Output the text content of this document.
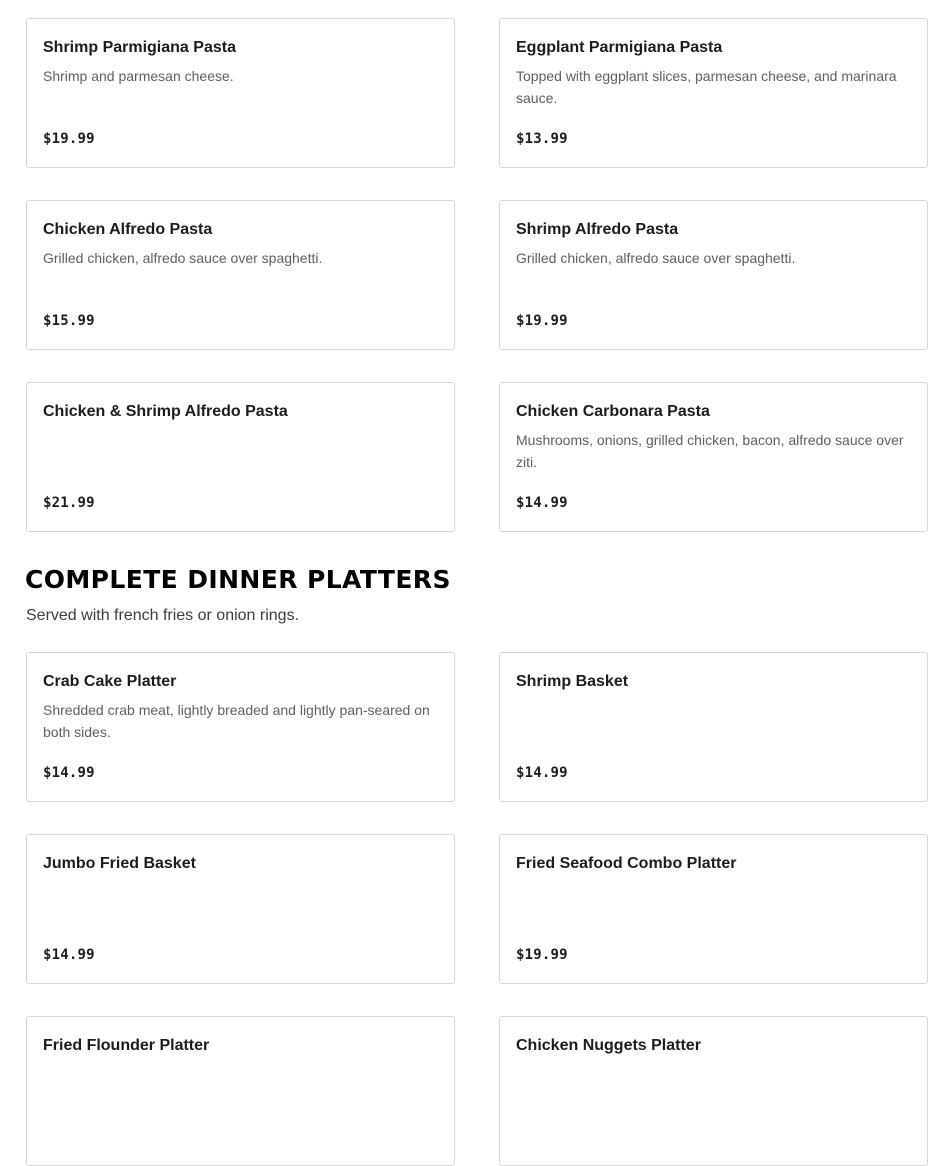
Shrimp Parmigiana Pasta

Shrimp and parmesan cheese.

$19.99

Eggplant Parmigiana Pasta

Topped with eggplant slices, parmesan cheese, and marinara sauce.

$13.99

Chicken Alfredo Pasta

Grilled chicken, alfredo sauce over spaghetti.

$15.99

Shrimp Alfredo Pasta

Grilled chicken, alfredo sauce over spaghetti.

$19.99

Chicken & Shrimp Alfredo Pasta

$21.99

Chicken Carbonara Pasta

Mushrooms, onions, grilled chicken, bacon, alfredo sauce over ziti.

$14.99
COMPLETE DINNER PLATTERS

Served with french fries or onion rings.

Crab Cake Platter

Shredded crab meat, lightly breaded and lightly pan-seared on both sides.

$14.99

Shrimp Basket

$14.99

Jumbo Fried Basket

$14.99

Fried Seafood Combo Platter

$19.99

Fried Flounder Platter	Chicken Nuggets Platter
